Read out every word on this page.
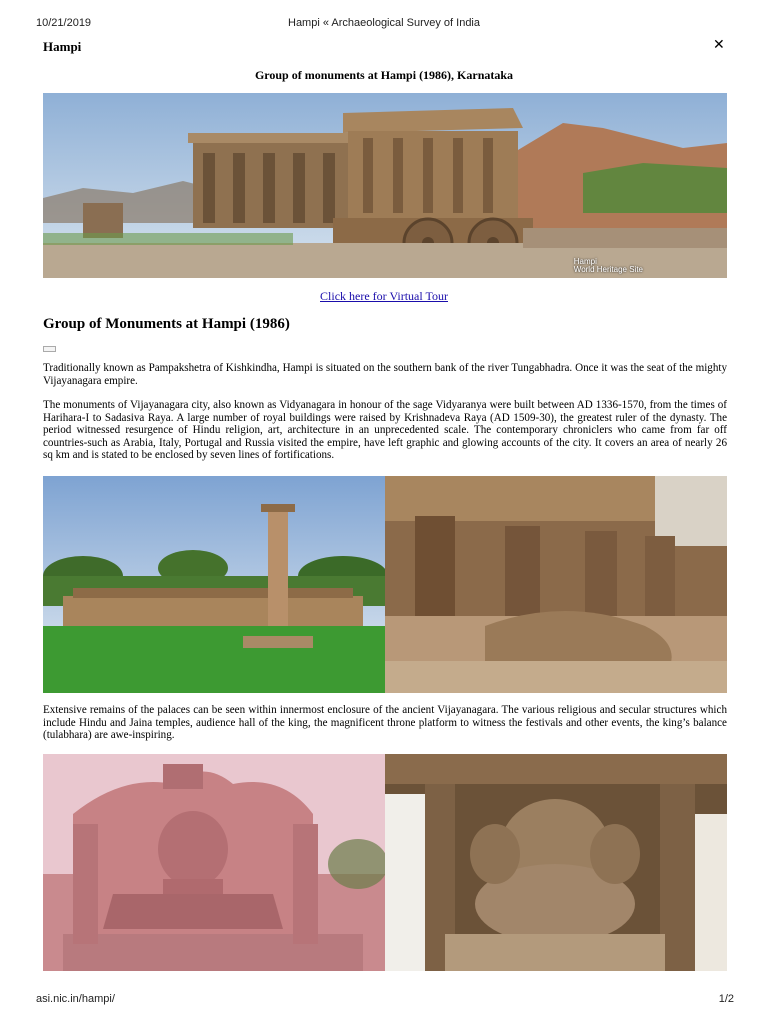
10/21/2019	Hampi « Archaeological Survey of India
Hampi	✕
Group of monuments at Hampi (1986), Karnataka
Hampi
World Heritage Site
Click here for Virtual Tour
Group of Monuments at Hampi (1986)
Traditionally known as Pampakshetra of Kishkindha, Hampi is situated on the southern bank of the river Tungabhadra. Once it was the seat of the mighty Vijayanagara empire.
The monuments of Vijayanagara city, also known as Vidyanagara in honour of the sage Vidyaranya were built between AD 1336-1570, from the times of Harihara-I to Sadasiva Raya. A large number of royal buildings were raised by Krishnadeva Raya (AD 1509-30), the greatest ruler of the dynasty. The period witnessed resurgence of Hindu religion, art, architecture in an unprecedented scale. The contemporary chroniclers who came from far off countries-such as Arabia, Italy, Portugal and Russia visited the empire, have left graphic and glowing accounts of the city. It covers an area of nearly 26 sq km and is stated to be enclosed by seven lines of fortifications.
Extensive remains of the palaces can be seen within innermost enclosure of the ancient Vijayanagara. The various religious and secular structures which include Hindu and Jaina temples, audience hall of the king, the magnificent throne platform to witness the festivals and other events, the king’s balance (tulabhara) are awe-inspiring.
asi.nic.in/hampi/	1/2
